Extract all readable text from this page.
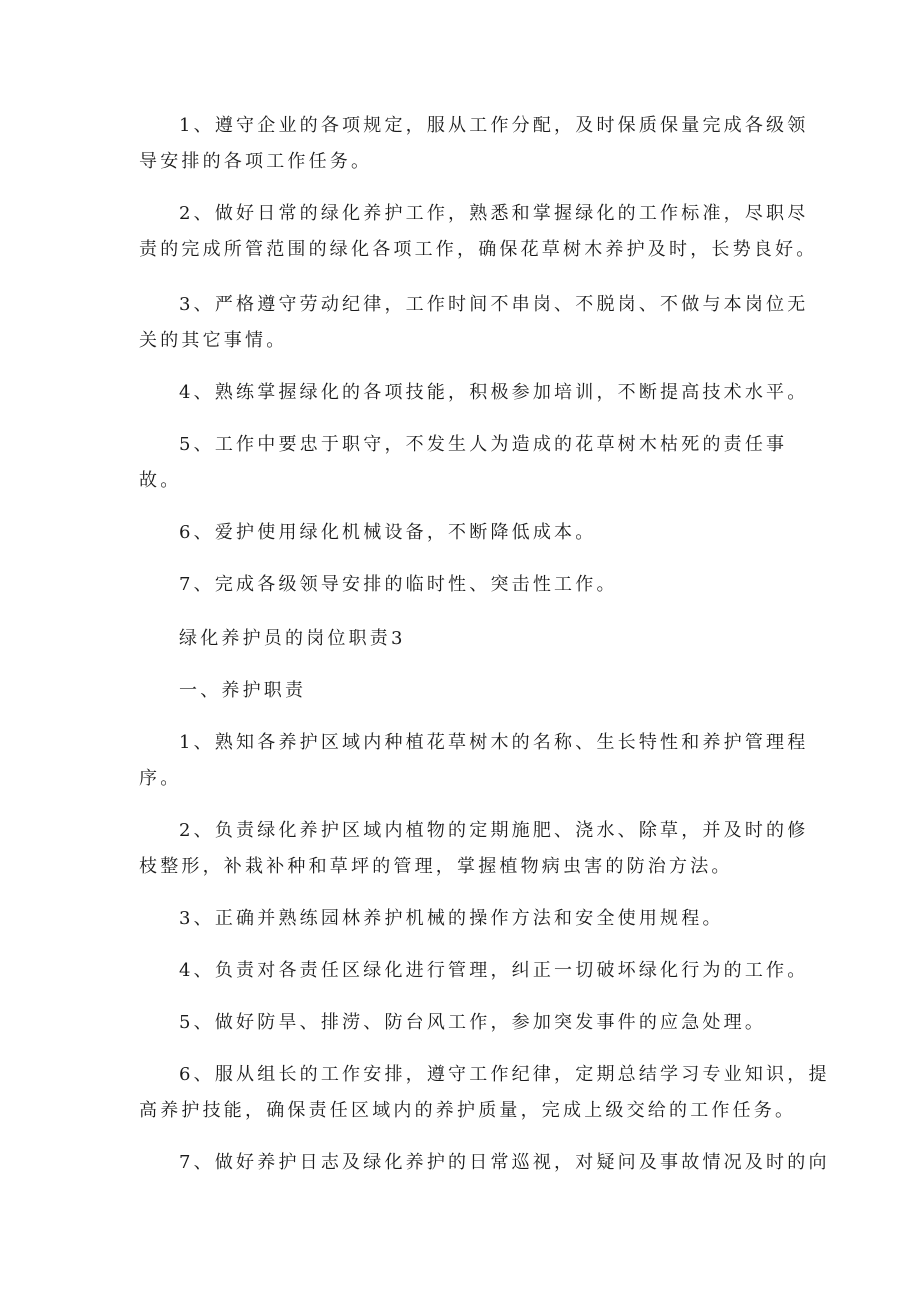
1、遵守企业的各项规定，服从工作分配，及时保质保量完成各级领
导安排的各项工作任务。
2、做好日常的绿化养护工作，熟悉和掌握绿化的工作标准，尽职尽
责的完成所管范围的绿化各项工作，确保花草树木养护及时，长势良好。
3、严格遵守劳动纪律，工作时间不串岗、不脱岗、不做与本岗位无
关的其它事情。
4、熟练掌握绿化的各项技能，积极参加培训，不断提高技术水平。
5、工作中要忠于职守，不发生人为造成的花草树木枯死的责任事
故。
6、爱护使用绿化机械设备，不断降低成本。
7、完成各级领导安排的临时性、突击性工作。
绿化养护员的岗位职责3
一、养护职责
1、熟知各养护区域内种植花草树木的名称、生长特性和养护管理程
序。
2、负责绿化养护区域内植物的定期施肥、浇水、除草，并及时的修
枝整形，补栽补种和草坪的管理，掌握植物病虫害的防治方法。
3、正确并熟练园林养护机械的操作方法和安全使用规程。
4、负责对各责任区绿化进行管理，纠正一切破坏绿化行为的工作。
5、做好防旱、排涝、防台风工作，参加突发事件的应急处理。
6、服从组长的工作安排，遵守工作纪律，定期总结学习专业知识，提
高养护技能，确保责任区域内的养护质量，完成上级交给的工作任务。
7、做好养护日志及绿化养护的日常巡视，对疑问及事故情况及时的向
